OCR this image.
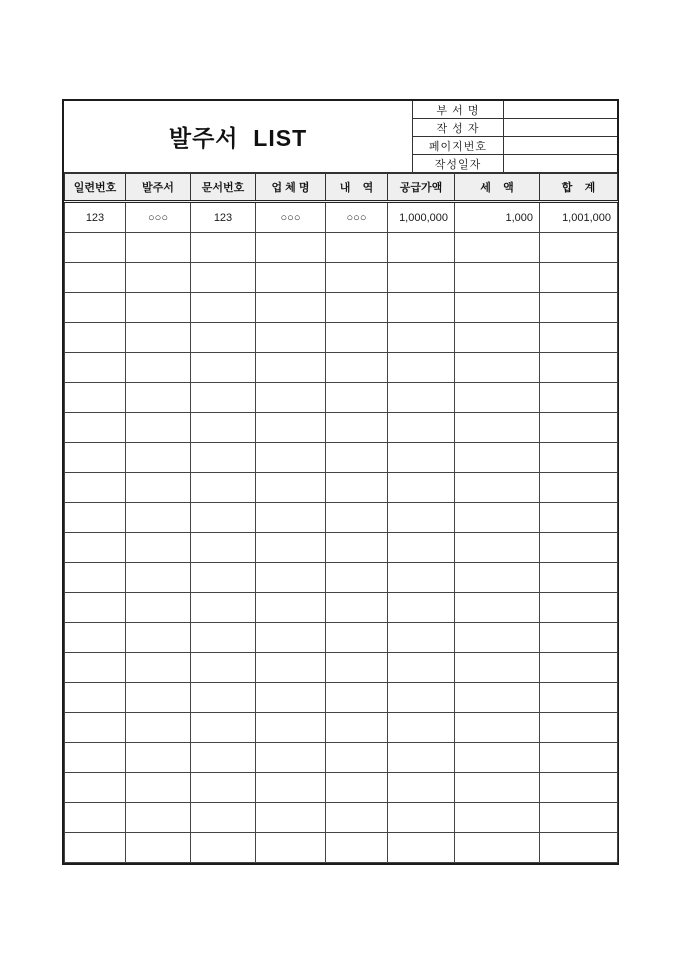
발주서  LIST
부 서 명	
작 성 자	
페이지번호	
작성일자	
일련번호	발주서	문서번호	업 체 명	내    역	공급가액	세    액	합    계
123	○○○	123	○○○	○○○	1,000,000	1,000	1,001,000
